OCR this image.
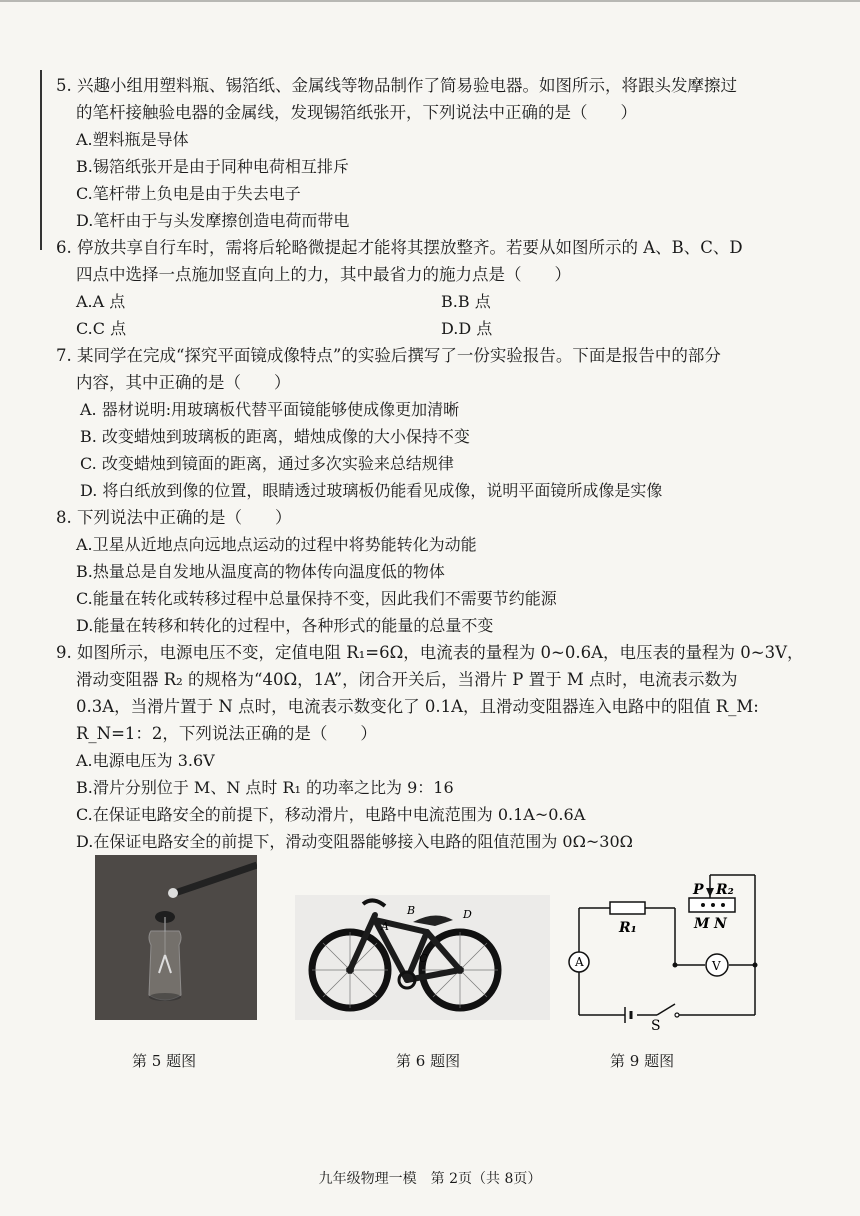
5. 兴趣小组用塑料瓶、锡箔纸、金属线等物品制作了简易验电器。如图所示，将跟头发摩擦过
的笔杆接触验电器的金属线，发现锡箔纸张开，下列说法中正确的是（　　）
A.塑料瓶是导体
B.锡箔纸张开是由于同种电荷相互排斥
C.笔杆带上负电是由于失去电子
D.笔杆由于与头发摩擦创造电荷而带电
6. 停放共享自行车时，需将后轮略微提起才能将其摆放整齐。若要从如图所示的 A、B、C、D
四点中选择一点施加竖直向上的力，其中最省力的施力点是（　　）
A.A 点	B.B 点
C.C 点	D.D 点
7. 某同学在完成“探究平面镜成像特点”的实验后撰写了一份实验报告。下面是报告中的部分
内容，其中正确的是（　　）
A. 器材说明:用玻璃板代替平面镜能够使成像更加清晰
B. 改变蜡烛到玻璃板的距离，蜡烛成像的大小保持不变
C. 改变蜡烛到镜面的距离，通过多次实验来总结规律
D. 将白纸放到像的位置，眼睛透过玻璃板仍能看见成像，说明平面镜所成像是实像
8. 下列说法中正确的是（　　）
A.卫星从近地点向远地点运动的过程中将势能转化为动能
B.热量总是自发地从温度高的物体传向温度低的物体
C.能量在转化或转移过程中总量保持不变，因此我们不需要节约能源
D.能量在转移和转化的过程中，各种形式的能量的总量不变
9. 如图所示，电源电压不变，定值电阻 R₁=6Ω，电流表的量程为 0~0.6A，电压表的量程为 0~3V，
滑动变阻器 R₂ 的规格为“40Ω，1A”，闭合开关后，当滑片 P 置于 M 点时，电流表示数为
0.3A，当滑片置于 N 点时，电流表示数变化了 0.1A，且滑动变阻器连入电路中的阻值 R_M:
R_N=1：2，下列说法正确的是（　　）
A.电源电压为 3.6V
B.滑片分别位于 M、N 点时 R₁ 的功率之比为 9：16
C.在保证电路安全的前提下，移动滑片，电路中电流范围为 0.1A~0.6A
D.在保证电路安全的前提下，滑动变阻器能够接入电路的阻值范围为 0Ω~30Ω
A
B
C
D
A	V
R₁
P R₂
M N
S
第 5 题图	第 6 题图	第 9 题图
九年级物理一模　第 2页（共 8页）
